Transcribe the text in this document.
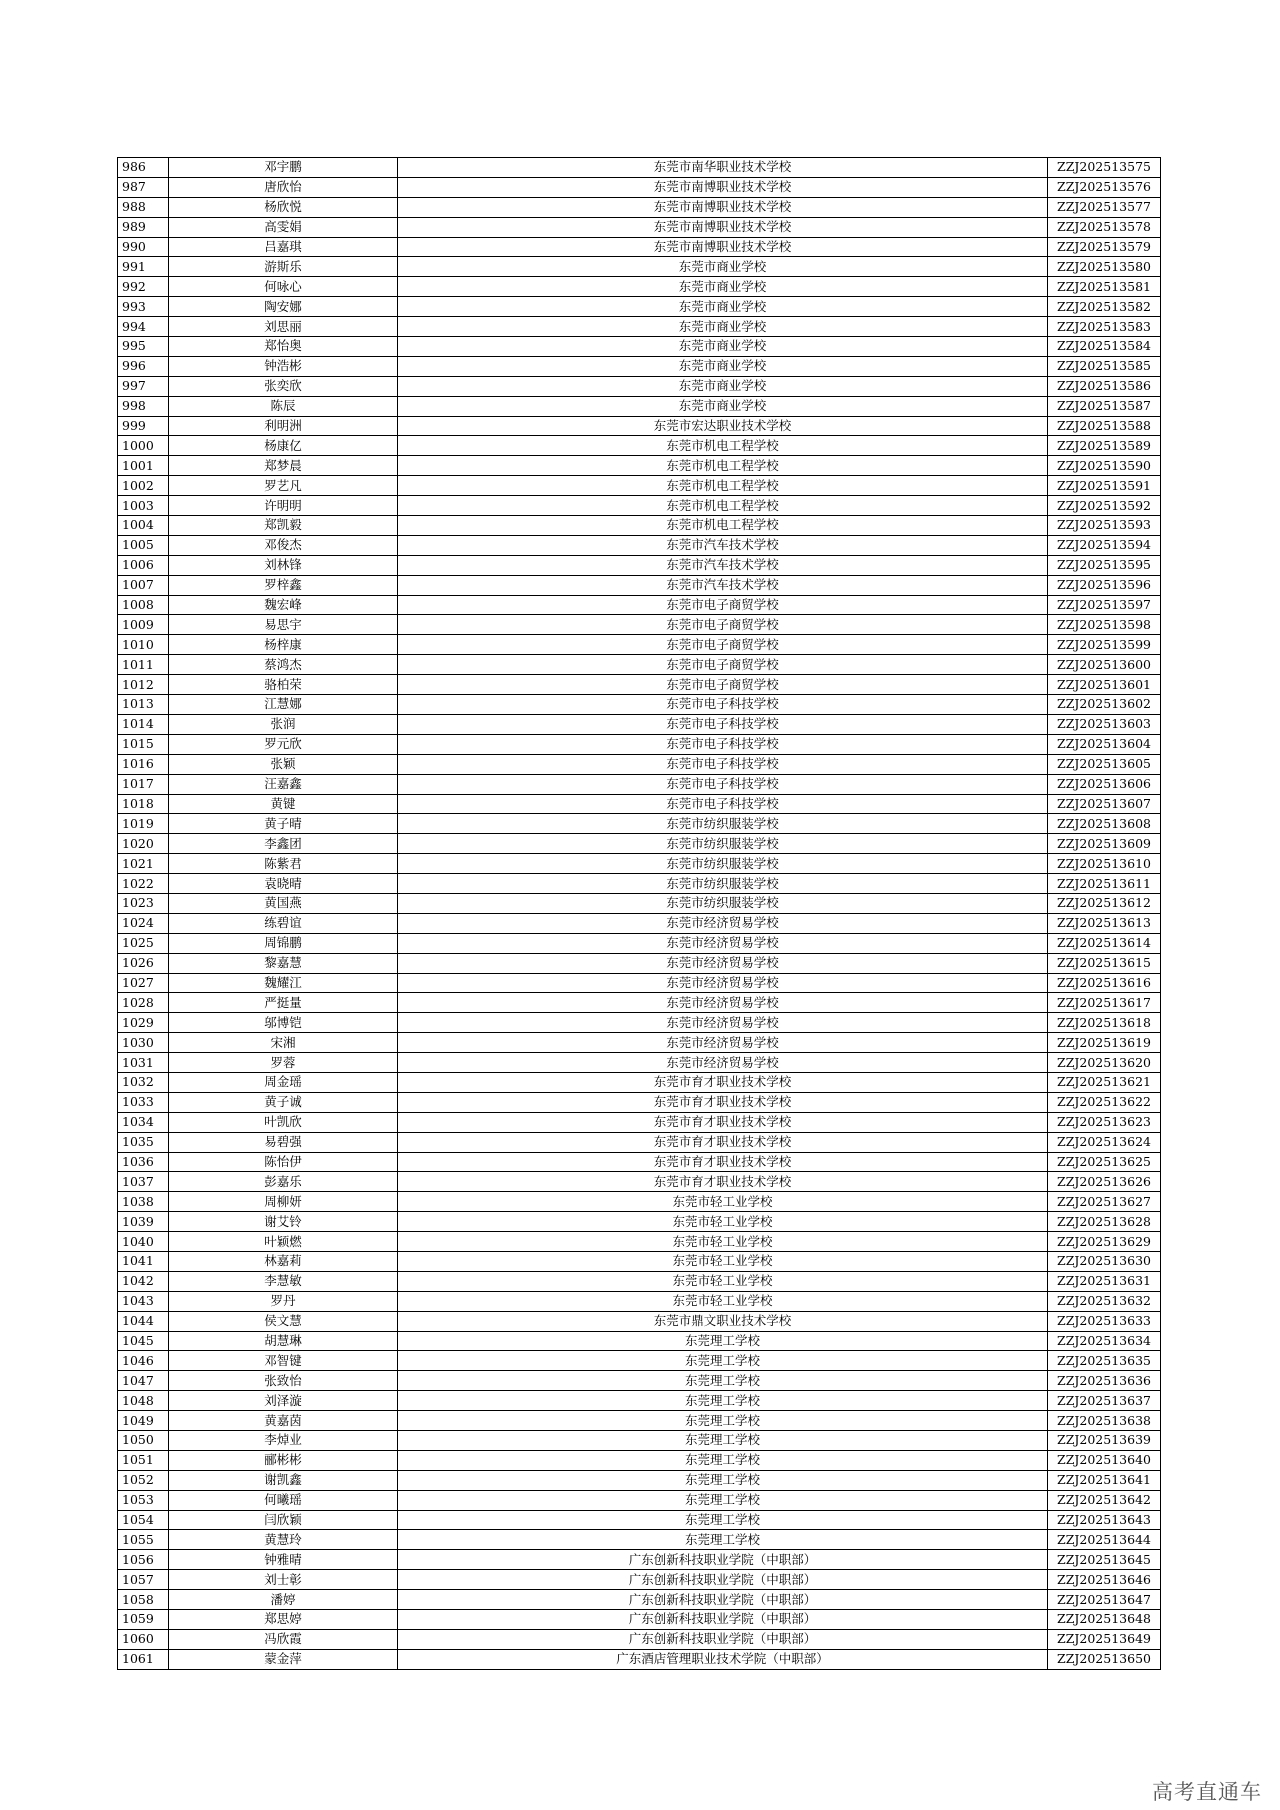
986	邓宇鹏	东莞市南华职业技术学校	ZZJ202513575
987	唐欣怡	东莞市南博职业技术学校	ZZJ202513576
988	杨欣悦	东莞市南博职业技术学校	ZZJ202513577
989	高雯娟	东莞市南博职业技术学校	ZZJ202513578
990	吕嘉琪	东莞市南博职业技术学校	ZZJ202513579
991	游斯乐	东莞市商业学校	ZZJ202513580
992	何咏心	东莞市商业学校	ZZJ202513581
993	陶安娜	东莞市商业学校	ZZJ202513582
994	刘思丽	东莞市商业学校	ZZJ202513583
995	郑怡奥	东莞市商业学校	ZZJ202513584
996	钟浩彬	东莞市商业学校	ZZJ202513585
997	张奕欣	东莞市商业学校	ZZJ202513586
998	陈辰	东莞市商业学校	ZZJ202513587
999	利明洲	东莞市宏达职业技术学校	ZZJ202513588
1000	杨康亿	东莞市机电工程学校	ZZJ202513589
1001	郑梦晨	东莞市机电工程学校	ZZJ202513590
1002	罗艺凡	东莞市机电工程学校	ZZJ202513591
1003	许明明	东莞市机电工程学校	ZZJ202513592
1004	郑凯毅	东莞市机电工程学校	ZZJ202513593
1005	邓俊杰	东莞市汽车技术学校	ZZJ202513594
1006	刘林锋	东莞市汽车技术学校	ZZJ202513595
1007	罗梓鑫	东莞市汽车技术学校	ZZJ202513596
1008	魏宏峰	东莞市电子商贸学校	ZZJ202513597
1009	易思宇	东莞市电子商贸学校	ZZJ202513598
1010	杨梓康	东莞市电子商贸学校	ZZJ202513599
1011	蔡鸿杰	东莞市电子商贸学校	ZZJ202513600
1012	骆柏荣	东莞市电子商贸学校	ZZJ202513601
1013	江慧娜	东莞市电子科技学校	ZZJ202513602
1014	张润	东莞市电子科技学校	ZZJ202513603
1015	罗元欣	东莞市电子科技学校	ZZJ202513604
1016	张颖	东莞市电子科技学校	ZZJ202513605
1017	汪嘉鑫	东莞市电子科技学校	ZZJ202513606
1018	黄键	东莞市电子科技学校	ZZJ202513607
1019	黄子晴	东莞市纺织服装学校	ZZJ202513608
1020	李鑫团	东莞市纺织服装学校	ZZJ202513609
1021	陈紫君	东莞市纺织服装学校	ZZJ202513610
1022	袁晓晴	东莞市纺织服装学校	ZZJ202513611
1023	黄国燕	东莞市纺织服装学校	ZZJ202513612
1024	练碧谊	东莞市经济贸易学校	ZZJ202513613
1025	周锦鹏	东莞市经济贸易学校	ZZJ202513614
1026	黎嘉慧	东莞市经济贸易学校	ZZJ202513615
1027	魏耀江	东莞市经济贸易学校	ZZJ202513616
1028	严挺量	东莞市经济贸易学校	ZZJ202513617
1029	邬博铠	东莞市经济贸易学校	ZZJ202513618
1030	宋湘	东莞市经济贸易学校	ZZJ202513619
1031	罗蓉	东莞市经济贸易学校	ZZJ202513620
1032	周金瑶	东莞市育才职业技术学校	ZZJ202513621
1033	黄子诚	东莞市育才职业技术学校	ZZJ202513622
1034	叶凯欣	东莞市育才职业技术学校	ZZJ202513623
1035	易碧强	东莞市育才职业技术学校	ZZJ202513624
1036	陈怡伊	东莞市育才职业技术学校	ZZJ202513625
1037	彭嘉乐	东莞市育才职业技术学校	ZZJ202513626
1038	周柳妍	东莞市轻工业学校	ZZJ202513627
1039	谢艾铃	东莞市轻工业学校	ZZJ202513628
1040	叶颖燃	东莞市轻工业学校	ZZJ202513629
1041	林嘉莉	东莞市轻工业学校	ZZJ202513630
1042	李慧敏	东莞市轻工业学校	ZZJ202513631
1043	罗丹	东莞市轻工业学校	ZZJ202513632
1044	侯文慧	东莞市鼎文职业技术学校	ZZJ202513633
1045	胡慧琳	东莞理工学校	ZZJ202513634
1046	邓智键	东莞理工学校	ZZJ202513635
1047	张致怡	东莞理工学校	ZZJ202513636
1048	刘泽漩	东莞理工学校	ZZJ202513637
1049	黄嘉茵	东莞理工学校	ZZJ202513638
1050	李焯业	东莞理工学校	ZZJ202513639
1051	郦彬彬	东莞理工学校	ZZJ202513640
1052	谢凯鑫	东莞理工学校	ZZJ202513641
1053	何曦瑶	东莞理工学校	ZZJ202513642
1054	闫欣颖	东莞理工学校	ZZJ202513643
1055	黄慧玲	东莞理工学校	ZZJ202513644
1056	钟雅晴	广东创新科技职业学院（中职部）	ZZJ202513645
1057	刘士彰	广东创新科技职业学院（中职部）	ZZJ202513646
1058	潘婷	广东创新科技职业学院（中职部）	ZZJ202513647
1059	郑思婷	广东创新科技职业学院（中职部）	ZZJ202513648
1060	冯欣霞	广东创新科技职业学院（中职部）	ZZJ202513649
1061	蒙金萍	广东酒店管理职业技术学院（中职部）	ZZJ202513650
高考直通车
